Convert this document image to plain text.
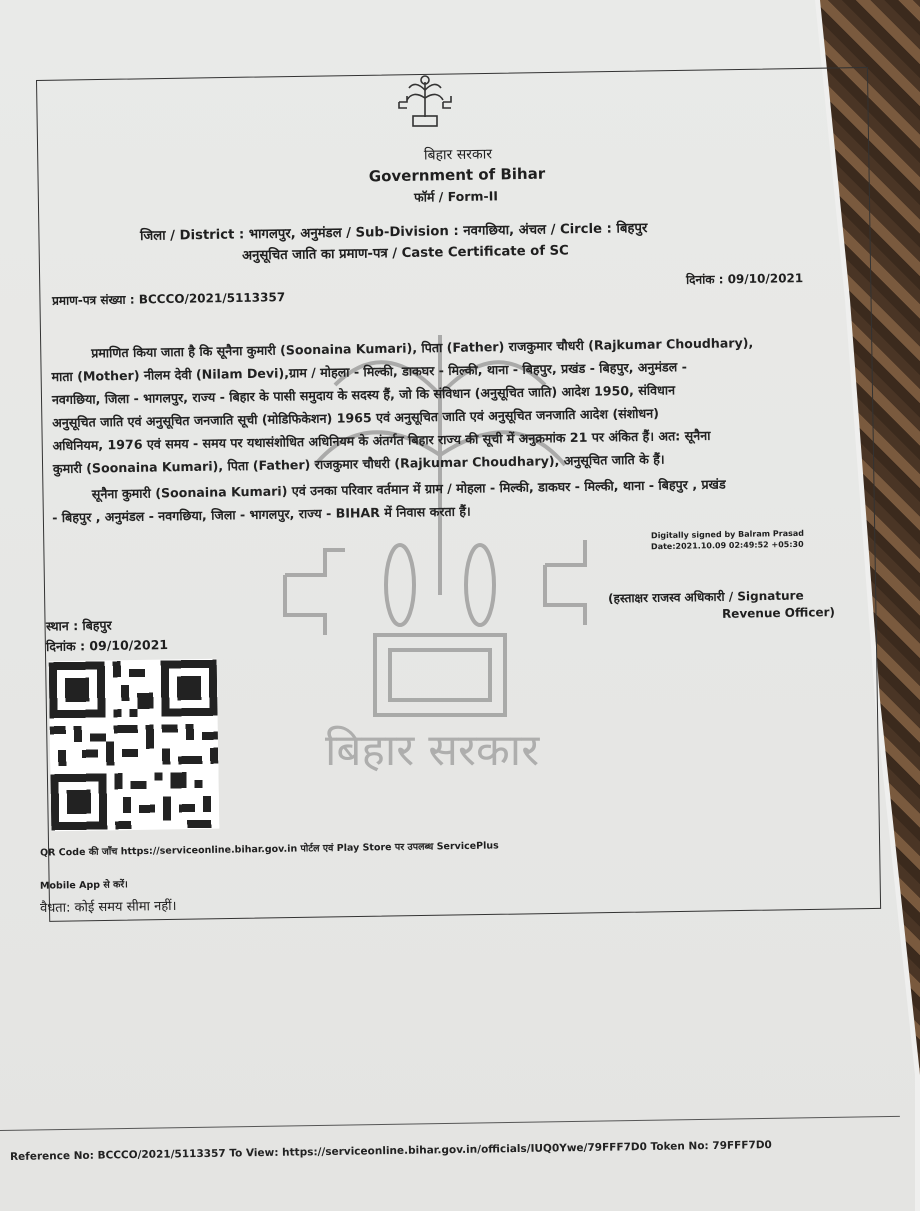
बिहार सरकार
Government of Bihar
फॉर्म / Form-II
जिला / District : भागलपुर, अनुमंडल / Sub-Division : नवगछिया, अंचल / Circle : बिहपुर
अनुसूचित जाति का प्रमाण-पत्र / Caste Certificate of SC
दिनांक : 09/10/2021
प्रमाण-पत्र संख्या : BCCCO/2021/5113357
बिहार सरकार
प्रमाणित किया जाता है कि सूनैना कुमारी (Soonaina Kumari), पिता (Father) राजकुमार चौधरी (Rajkumar Choudhary),
माता (Mother) नीलम देवी (Nilam Devi),ग्राम / मोहला - मिल्की, डाकघर - मिल्की, थाना - बिहपुर, प्रखंड - बिहपुर, अनुमंडल -
नवगछिया, जिला - भागलपुर, राज्य - बिहार के पासी समुदाय के सदस्य हैं, जो कि संविधान (अनुसूचित जाति) आदेश 1950, संविधान
अनुसूचित जाति एवं अनुसूचित जनजाति सूची (मोडिफिकेशन) 1965 एवं अनुसूचित जाति एवं अनुसूचित जनजाति आदेश (संशोधन)
अधिनियम, 1976 एवं समय - समय पर यथासंशोधित अधिनियम के अंतर्गत बिहार राज्य की सूची में अनुक्रमांक 21 पर अंकित हैं। अत: सूनैना
कुमारी (Soonaina Kumari), पिता (Father) राजकुमार चौधरी (Rajkumar Choudhary), अनुसूचित जाति के हैं।
सूनैना कुमारी (Soonaina Kumari) एवं उनका परिवार वर्तमान में ग्राम / मोहला - मिल्की, डाकघर - मिल्की, थाना - बिहपुर , प्रखंड
- बिहपुर , अनुमंडल - नवगछिया, जिला - भागलपुर, राज्य - BIHAR में निवास करता हैं।
Digitally signed by Balram Prasad
Date:2021.10.09 02:49:52 +05:30
(हस्ताक्षर राजस्व अधिकारी / Signature
Revenue Officer)
स्थान : बिहपुर
दिनांक : 09/10/2021
QR Code की जाँच https://serviceonline.bihar.gov.in पोर्टल एवं Play Store पर उपलब्ध ServicePlus
Mobile App से करें।
वैधता: कोई समय सीमा नहीं।
Reference No: BCCCO/2021/5113357 To View: https://serviceonline.bihar.gov.in/officials/IUQ0Ywe/79FFF7D0 Token No: 79FFF7D0
